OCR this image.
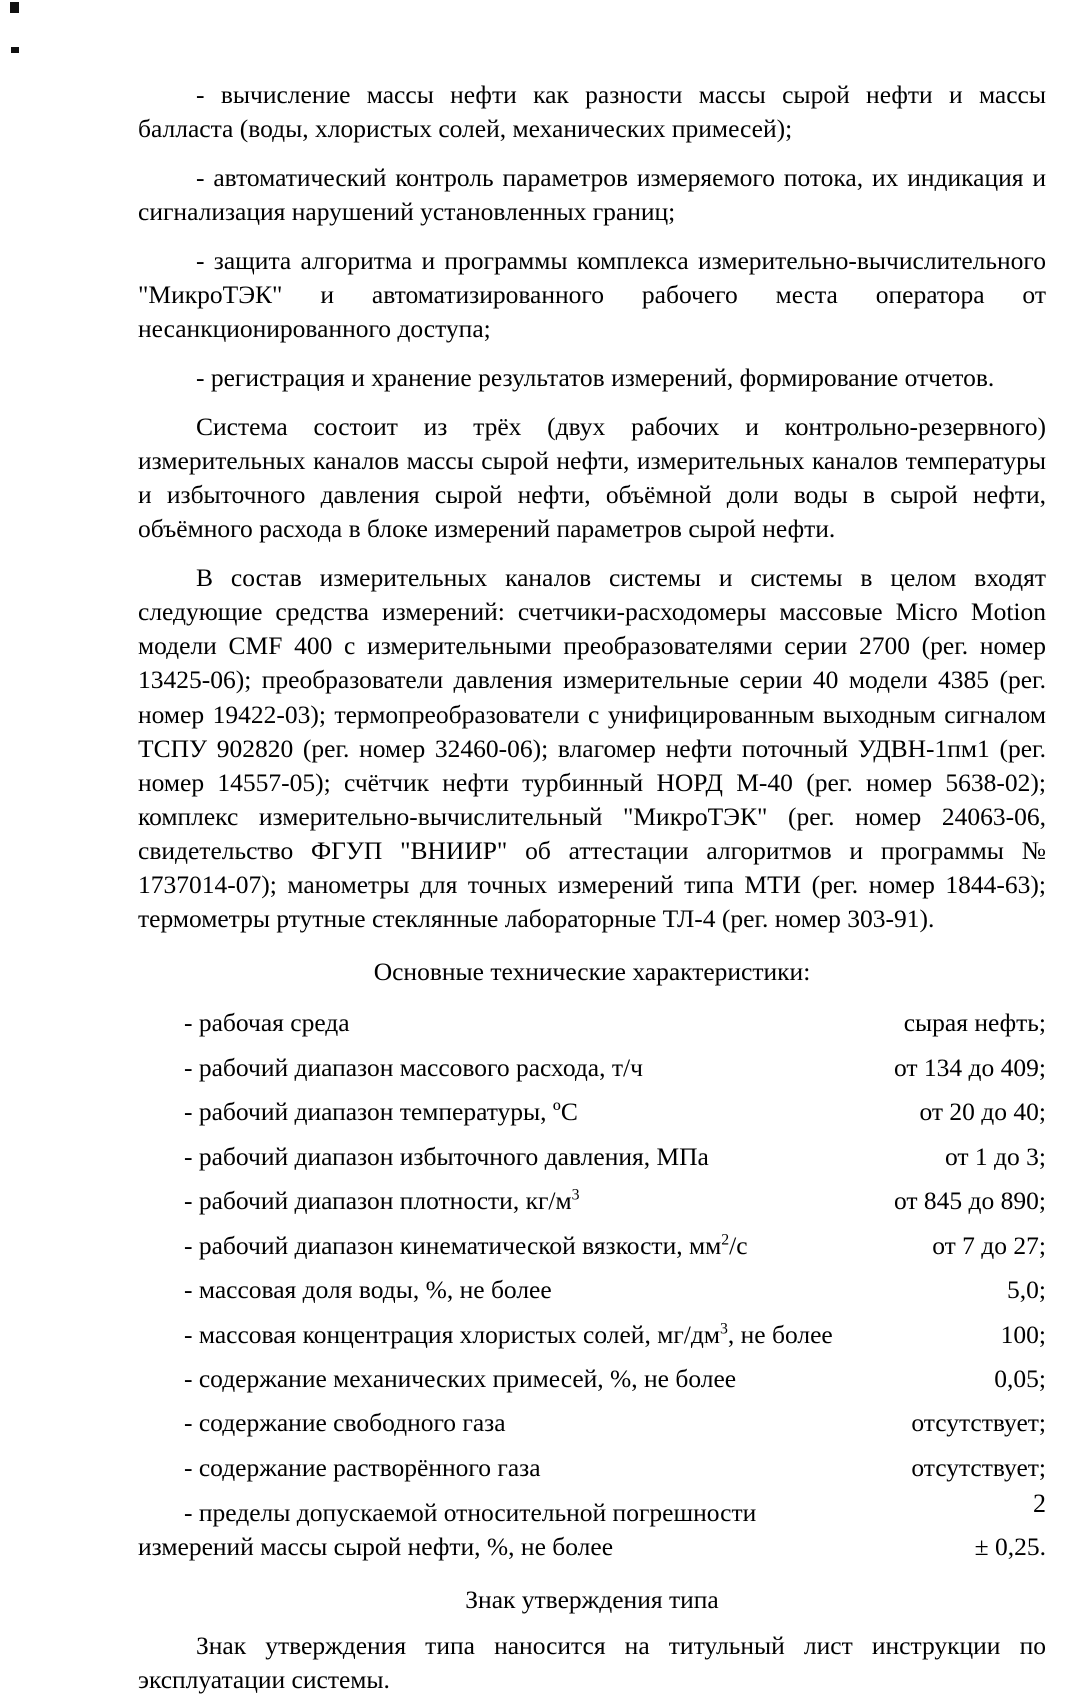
- вычисление массы нефти как разности массы сырой нефти и массы балласта (воды, хлористых солей, механических примесей);

- автоматический контроль параметров измеряемого потока, их индикация и сигнализация нарушений установленных границ;

- защита алгоритма и программы комплекса измерительно-вычислительного "МикроТЭК" и автоматизированного рабочего места оператора от несанкционированного доступа;

- регистрация и хранение результатов измерений, формирование отчетов.

Система состоит из трёх (двух рабочих и контрольно-резервного) измерительных каналов массы сырой нефти, измерительных каналов температуры и избыточного давления сырой нефти, объёмной доли воды в сырой нефти, объёмного расхода в блоке измерений параметров сырой нефти.

В состав измерительных каналов системы и системы в целом входят следующие средства измерений: счетчики-расходомеры массовые Micro Motion модели CMF 400 с измерительными преобразователями серии 2700 (рег. номер 13425-06); преобразователи давления измерительные серии 40 модели 4385 (рег. номер 19422-03); термопреобразователи с унифицированным выходным сигналом ТСПУ 902820 (рег. номер 32460-06); влагомер нефти поточный УДВН-1пм1 (рег. номер 14557-05); счётчик нефти турбинный НОРД М-40 (рег. номер 5638-02); комплекс измерительно-вычислительный "МикроТЭК" (рег. номер 24063-06, свидетельство ФГУП "ВНИИР" об аттестации алгоритмов и программы № 1737014-07); манометры для точных измерений типа МТИ (рег. номер 1844-63); термометры ртутные стеклянные лабораторные ТЛ-4 (рег. номер 303-91).

Основные технические характеристики:
- рабочая среда	сырая нефть;
- рабочий диапазон массового расхода, т/ч	от 134 до 409;
- рабочий диапазон температуры, ºС	от 20 до 40;
- рабочий диапазон избыточного давления, МПа	от 1 до 3;
- рабочий диапазон плотности, $кг/м^3$	от 845 до 890;
- рабочий диапазон кинематической вязкости, $мм^2/с$	от 7 до 27;
- массовая доля воды, %, не более	5,0;
- массовая концентрация хлористых солей, $мг/дм^3$, не более	100;
- содержание механических примесей, %, не более	0,05;
- содержание свободного газа	отсутствует;
- содержание растворённого газа	отсутствует;
- пределы допускаемой относительной погрешности
измерений массы сырой нефти, %, не более	± 0,25.
Знак утверждения типа

Знак утверждения типа наносится на титульный лист инструкции по эксплуатации системы.

2
